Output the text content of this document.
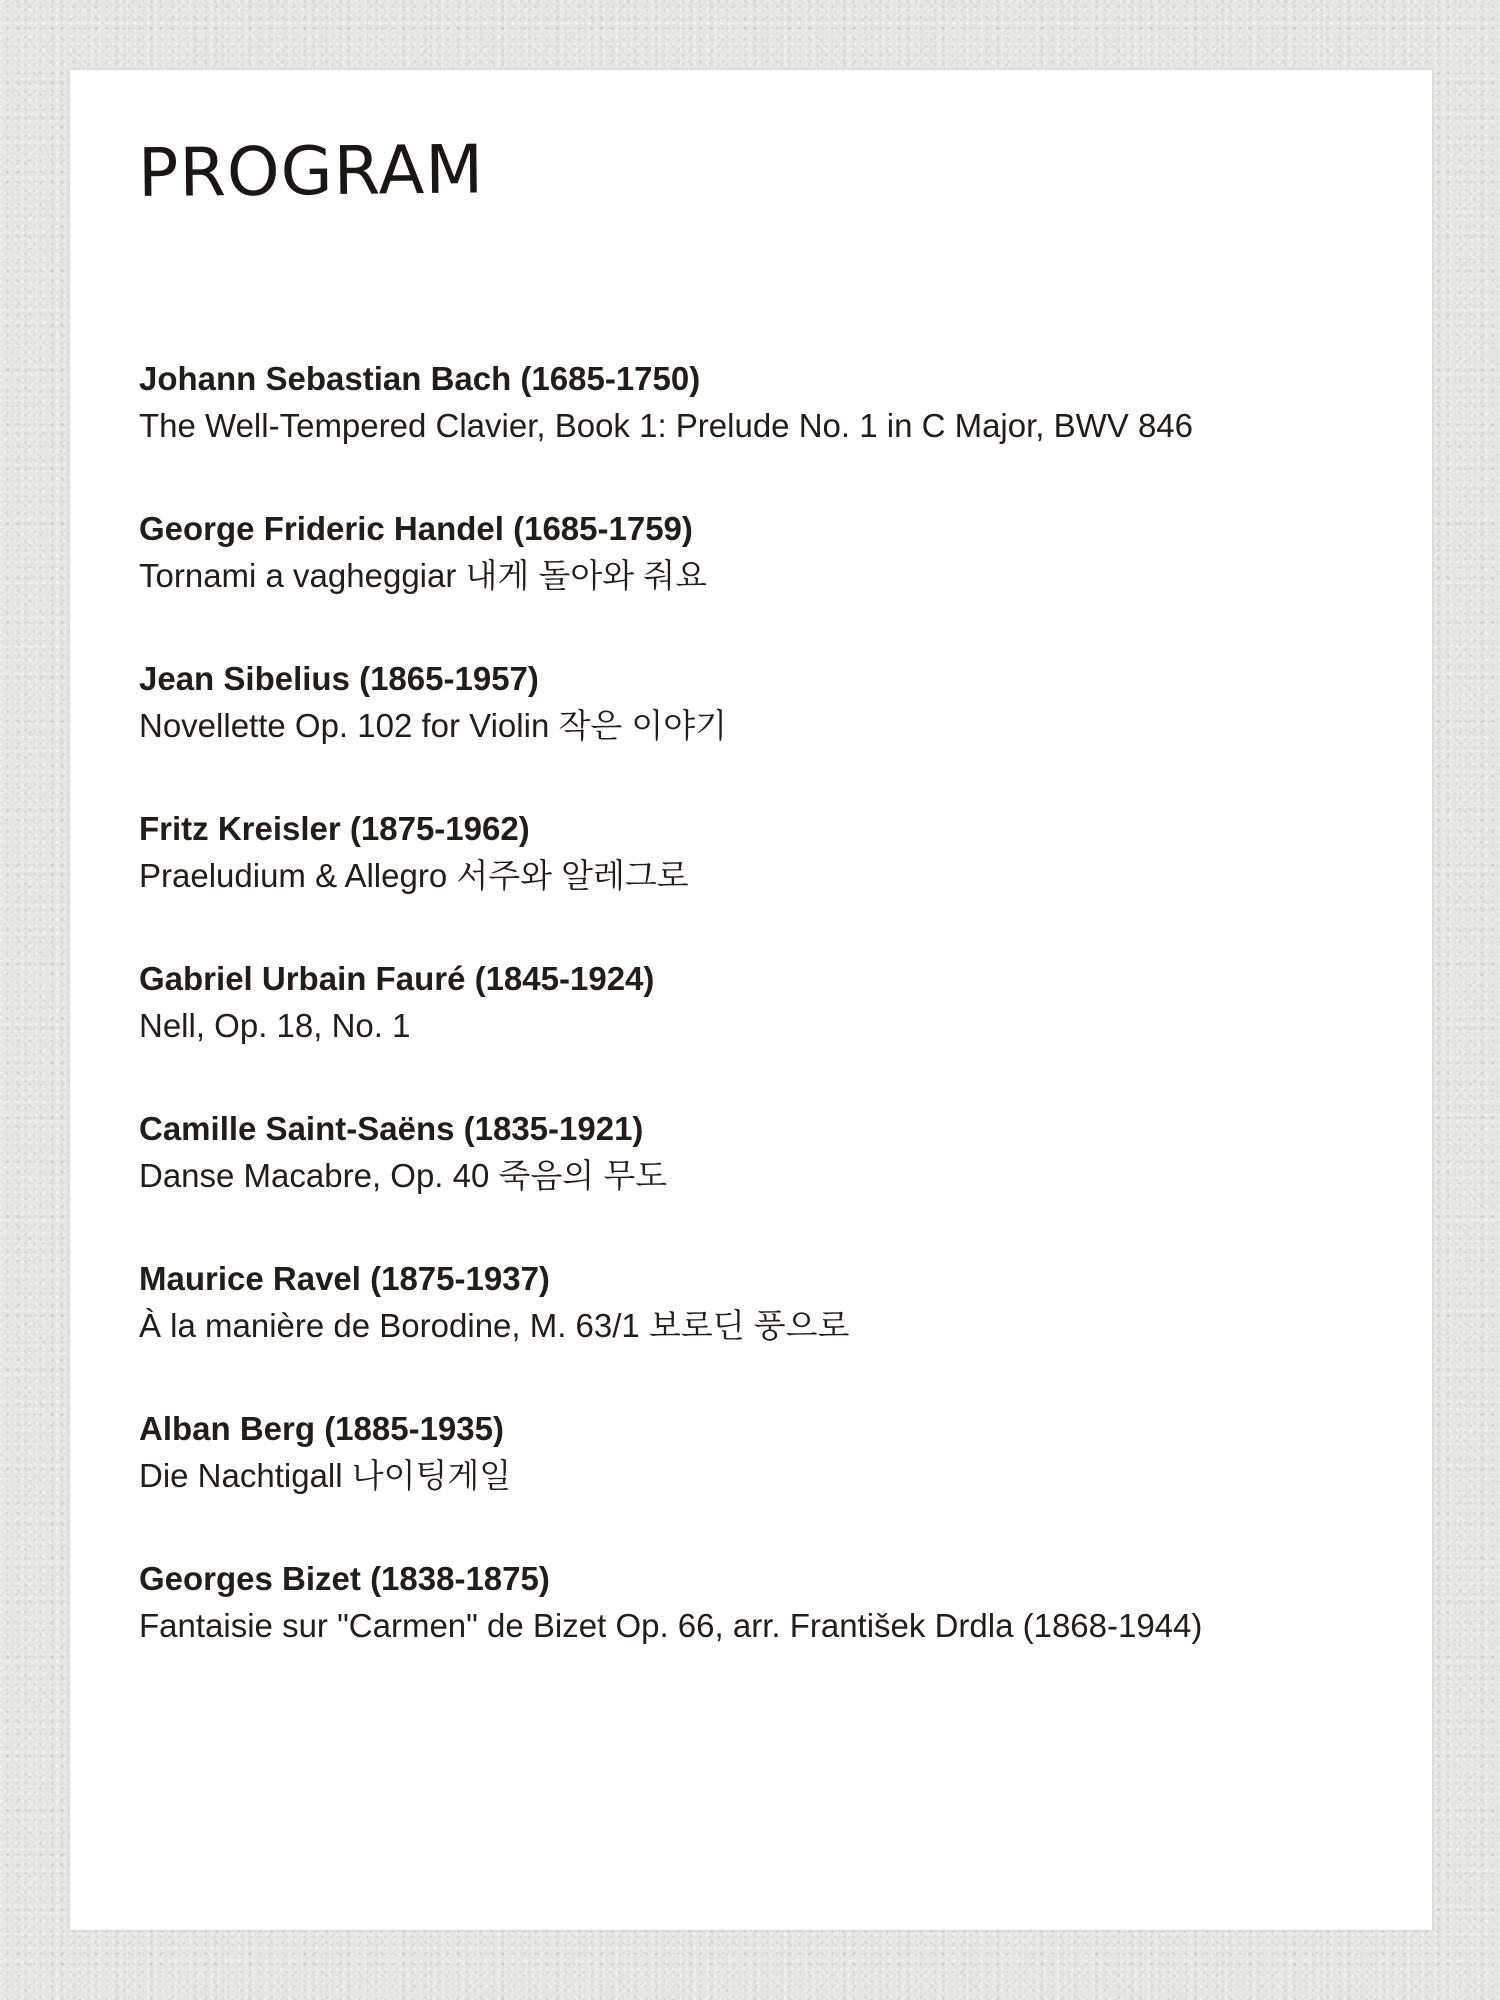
PROGRAM
Johann Sebastian Bach (1685-1750)
The Well-Tempered Clavier, Book 1: Prelude No. 1 in C Major, BWV 846
George Frideric Handel (1685-1759)
Tornami a vagheggiar 내게 돌아와 줘요
Jean Sibelius (1865-1957)
Novellette Op. 102 for Violin 작은 이야기
Fritz Kreisler (1875-1962)
Praeludium & Allegro 서주와 알레그로
Gabriel Urbain Fauré (1845-1924)
Nell, Op. 18, No. 1
Camille Saint-Saëns (1835-1921)
Danse Macabre, Op. 40 죽음의 무도
Maurice Ravel (1875-1937)
À la manière de Borodine, M. 63/1 보로딘 풍으로
Alban Berg (1885-1935)
Die Nachtigall 나이팅게일
Georges Bizet (1838-1875)
Fantaisie sur "Carmen" de Bizet Op. 66, arr. František Drdla (1868-1944)
